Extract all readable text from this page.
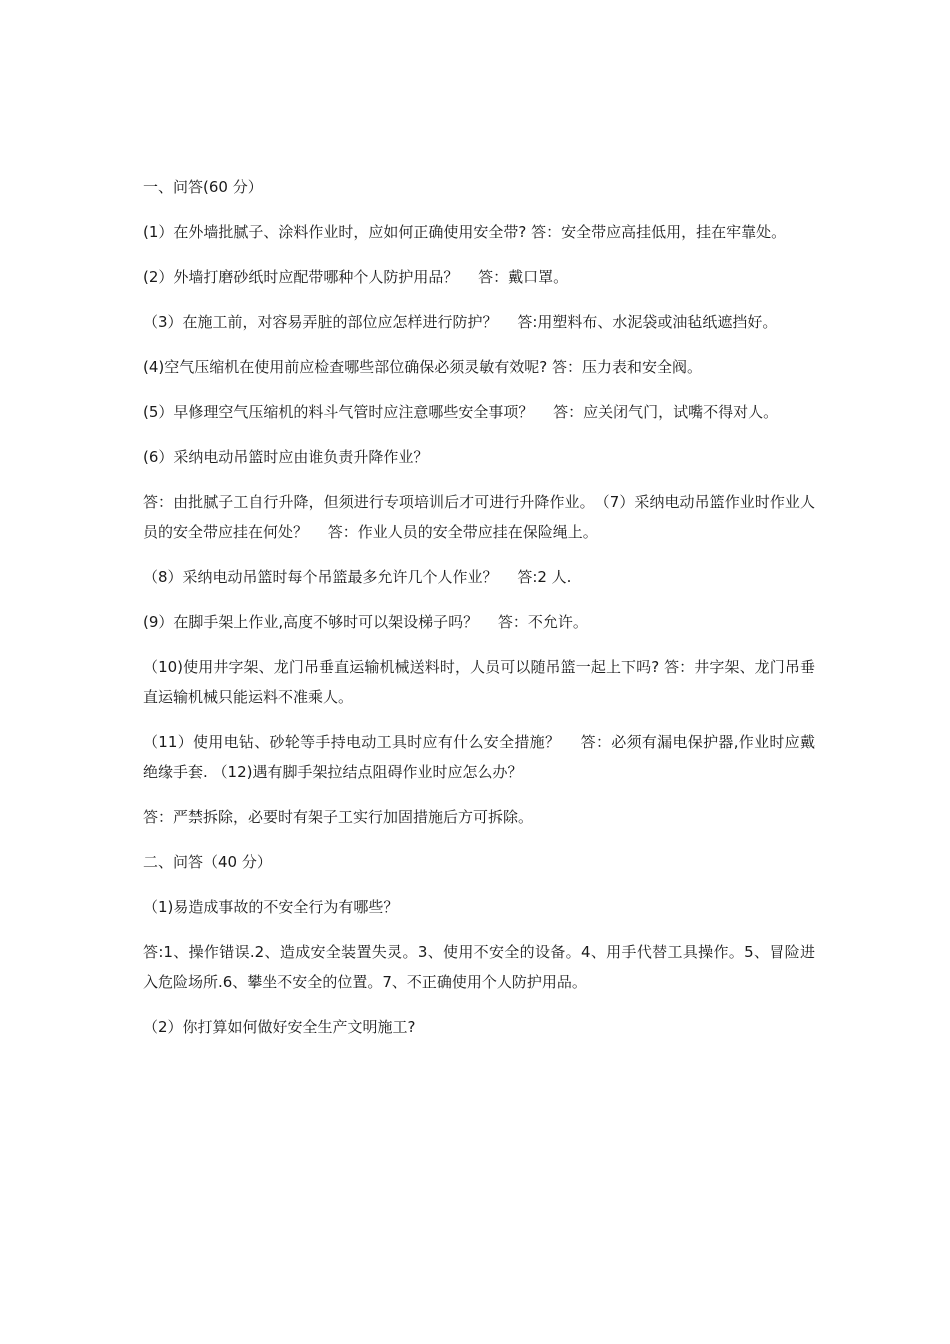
一、问答(60 分）

(1）在外墙批腻子、涂料作业时，应如何正确使用安全带? 答：安全带应高挂低用，挂在牢靠处。

(2）外墙打磨砂纸时应配带哪种个人防护用品？　 答：戴口罩。

（3）在施工前，对容易弄脏的部位应怎样进行防护？　 答:用塑料布、水泥袋或油毡纸遮挡好。

(4)空气压缩机在使用前应检查哪些部位确保必须灵敏有效呢? 答：压力表和安全阀。

(5）早修理空气压缩机的料斗气管时应注意哪些安全事项？　 答：应关闭气门，试嘴不得对人。

(6）采纳电动吊篮时应由谁负责升降作业？

答：由批腻子工自行升降，但须进行专项培训后才可进行升降作业。　（7）采纳电动吊篮作业时作业人员的安全带应挂在何处？　 答：作业人员的安全带应挂在保险绳上。

（8）采纳电动吊篮时每个吊篮最多允许几个人作业？　 答:2 人.

(9）在脚手架上作业,高度不够时可以架设梯子吗？　 答：不允许。

（10)使用井字架、龙门吊垂直运输机械送料时，人员可以随吊篮一起上下吗? 答：井字架、龙门吊垂直运输机械只能运料不准乘人。

（11）使用电钻、砂轮等手持电动工具时应有什么安全措施？　 答：必须有漏电保护器,作业时应戴绝缘手套. （12)遇有脚手架拉结点阻碍作业时应怎么办？

答：严禁拆除，必要时有架子工实行加固措施后方可拆除。

二、问答（40 分）

（1)易造成事故的不安全行为有哪些？

答:1、操作错误.2、造成安全装置失灵。3、使用不安全的设备。4、用手代替工具操作。5、冒险进入危险场所.6、攀坐不安全的位置。7、不正确使用个人防护用品。

（2）你打算如何做好安全生产文明施工?
